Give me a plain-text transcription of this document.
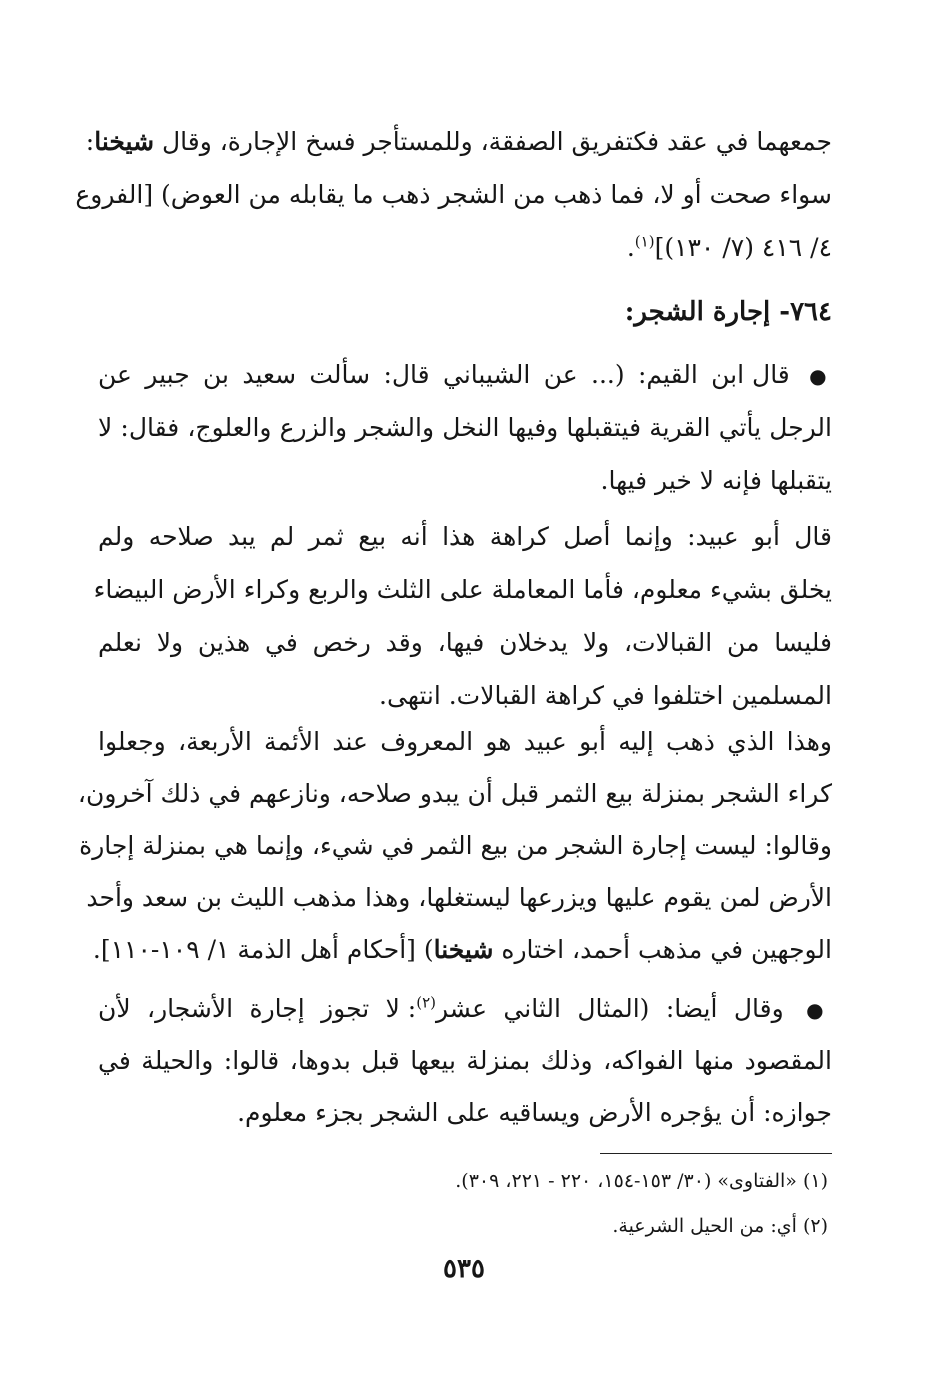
جمعهما في عقد فكتفريق الصفقة، وللمستأجر فسخ الإجارة، وقال شيخنا:
سواء صحت أو لا، فما ذهب من الشجر ذهب ما يقابله من العوض) [الفروع
٤/ ٤١٦ (٧/ ١٣٠)]$^{(١)}$.
٧٦٤- إجارة الشجر:
● قال ابن القيم: (... عن الشيباني قال: سألت سعيد بن جبير عن
الرجل يأتي القرية فيتقبلها وفيها النخل والشجر والزرع والعلوج، فقال: لا
يتقبلها فإنه لا خير فيها.
قال أبو عبيد: وإنما أصل كراهة هذا أنه بيع ثمر لم يبد صلاحه ولم
يخلق بشيء معلوم، فأما المعاملة على الثلث والربع وكراء الأرض البيضاء
فليسا من القبالات، ولا يدخلان فيها، وقد رخص في هذين ولا نعلم
المسلمين اختلفوا في كراهة القبالات. انتهى.
وهذا الذي ذهب إليه أبو عبيد هو المعروف عند الأئمة الأربعة، وجعلوا
كراء الشجر بمنزلة بيع الثمر قبل أن يبدو صلاحه، ونازعهم في ذلك آخرون،
وقالوا: ليست إجارة الشجر من بيع الثمر في شيء، وإنما هي بمنزلة إجارة
الأرض لمن يقوم عليها ويزرعها ليستغلها، وهذا مذهب الليث بن سعد وأحد
الوجهين في مذهب أحمد، اختاره شيخنا) [أحكام أهل الذمة ١/ ١٠٩-١١٠].
● وقال أيضا: (المثال الثاني عشر$^{(٢)}$: لا تجوز إجارة الأشجار، لأن
المقصود منها الفواكه، وذلك بمنزلة بيعها قبل بدوها، قالوا: والحيلة في
جوازه: أن يؤجره الأرض ويساقيه على الشجر بجزء معلوم.
(١) «الفتاوى» (٣٠/ ١٥٣-١٥٤، ٢٢٠ - ٢٢١، ٣٠٩).
(٢) أي: من الحيل الشرعية.
٥٣٥
